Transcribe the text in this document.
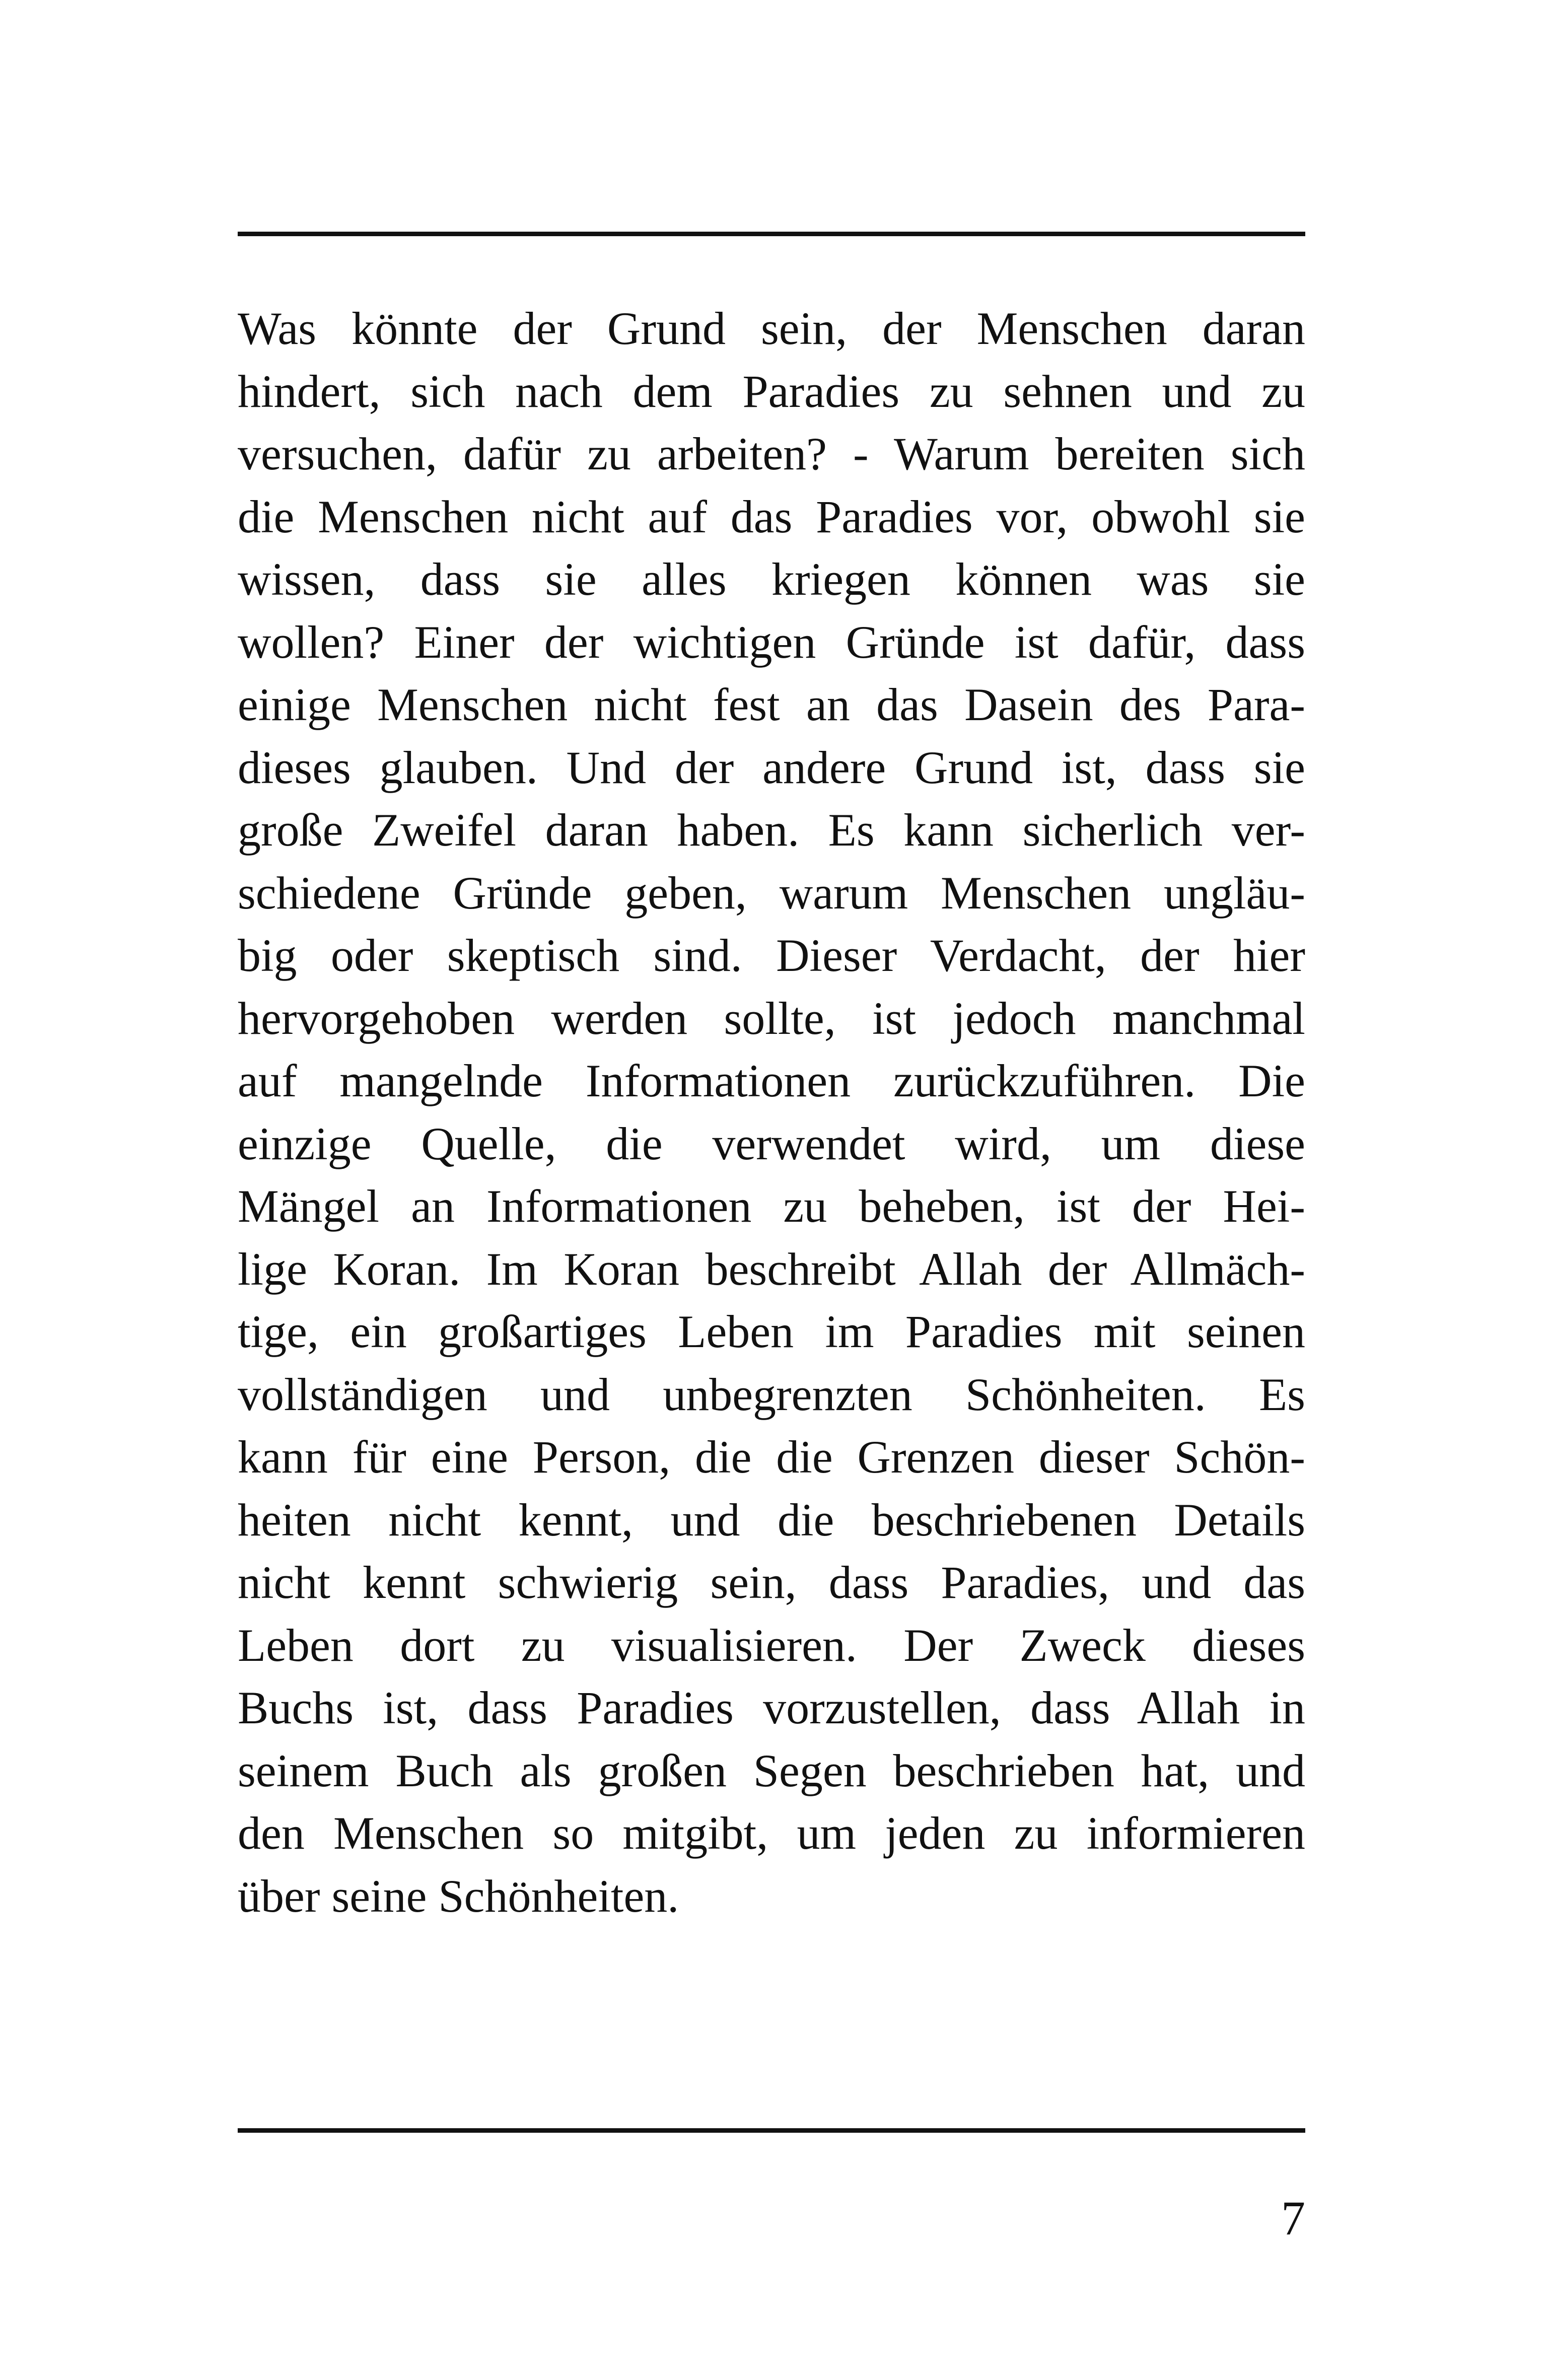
Was könnte der Grund sein, der Menschen daran
hindert, sich nach dem Paradies zu sehnen und zu
versuchen, dafür zu arbeiten? - Warum bereiten sich
die Menschen nicht auf das Paradies vor, obwohl sie
wissen, dass sie alles kriegen können was sie
wollen? Einer der wichtigen Gründe ist dafür, dass
einige Menschen nicht fest an das Dasein des Para-
dieses glauben. Und der andere Grund ist, dass sie
große Zweifel daran haben. Es kann sicherlich ver-
schiedene Gründe geben, warum Menschen ungläu-
big oder skeptisch sind. Dieser Verdacht, der hier
hervorgehoben werden sollte, ist jedoch manchmal
auf mangelnde Informationen zurückzuführen. Die
einzige Quelle, die verwendet wird, um diese
Mängel an Informationen zu beheben, ist der Hei-
lige Koran. Im Koran beschreibt Allah der Allmäch-
tige, ein großartiges Leben im Paradies mit seinen
vollständigen und unbegrenzten Schönheiten. Es
kann für eine Person, die die Grenzen dieser Schön-
heiten nicht kennt, und die beschriebenen Details
nicht kennt schwierig sein, dass Paradies, und das
Leben dort zu visualisieren. Der Zweck dieses
Buchs ist, dass Paradies vorzustellen, dass Allah in
seinem Buch als großen Segen beschrieben hat, und
den Menschen so mitgibt, um jeden zu informieren
über seine Schönheiten.
7
